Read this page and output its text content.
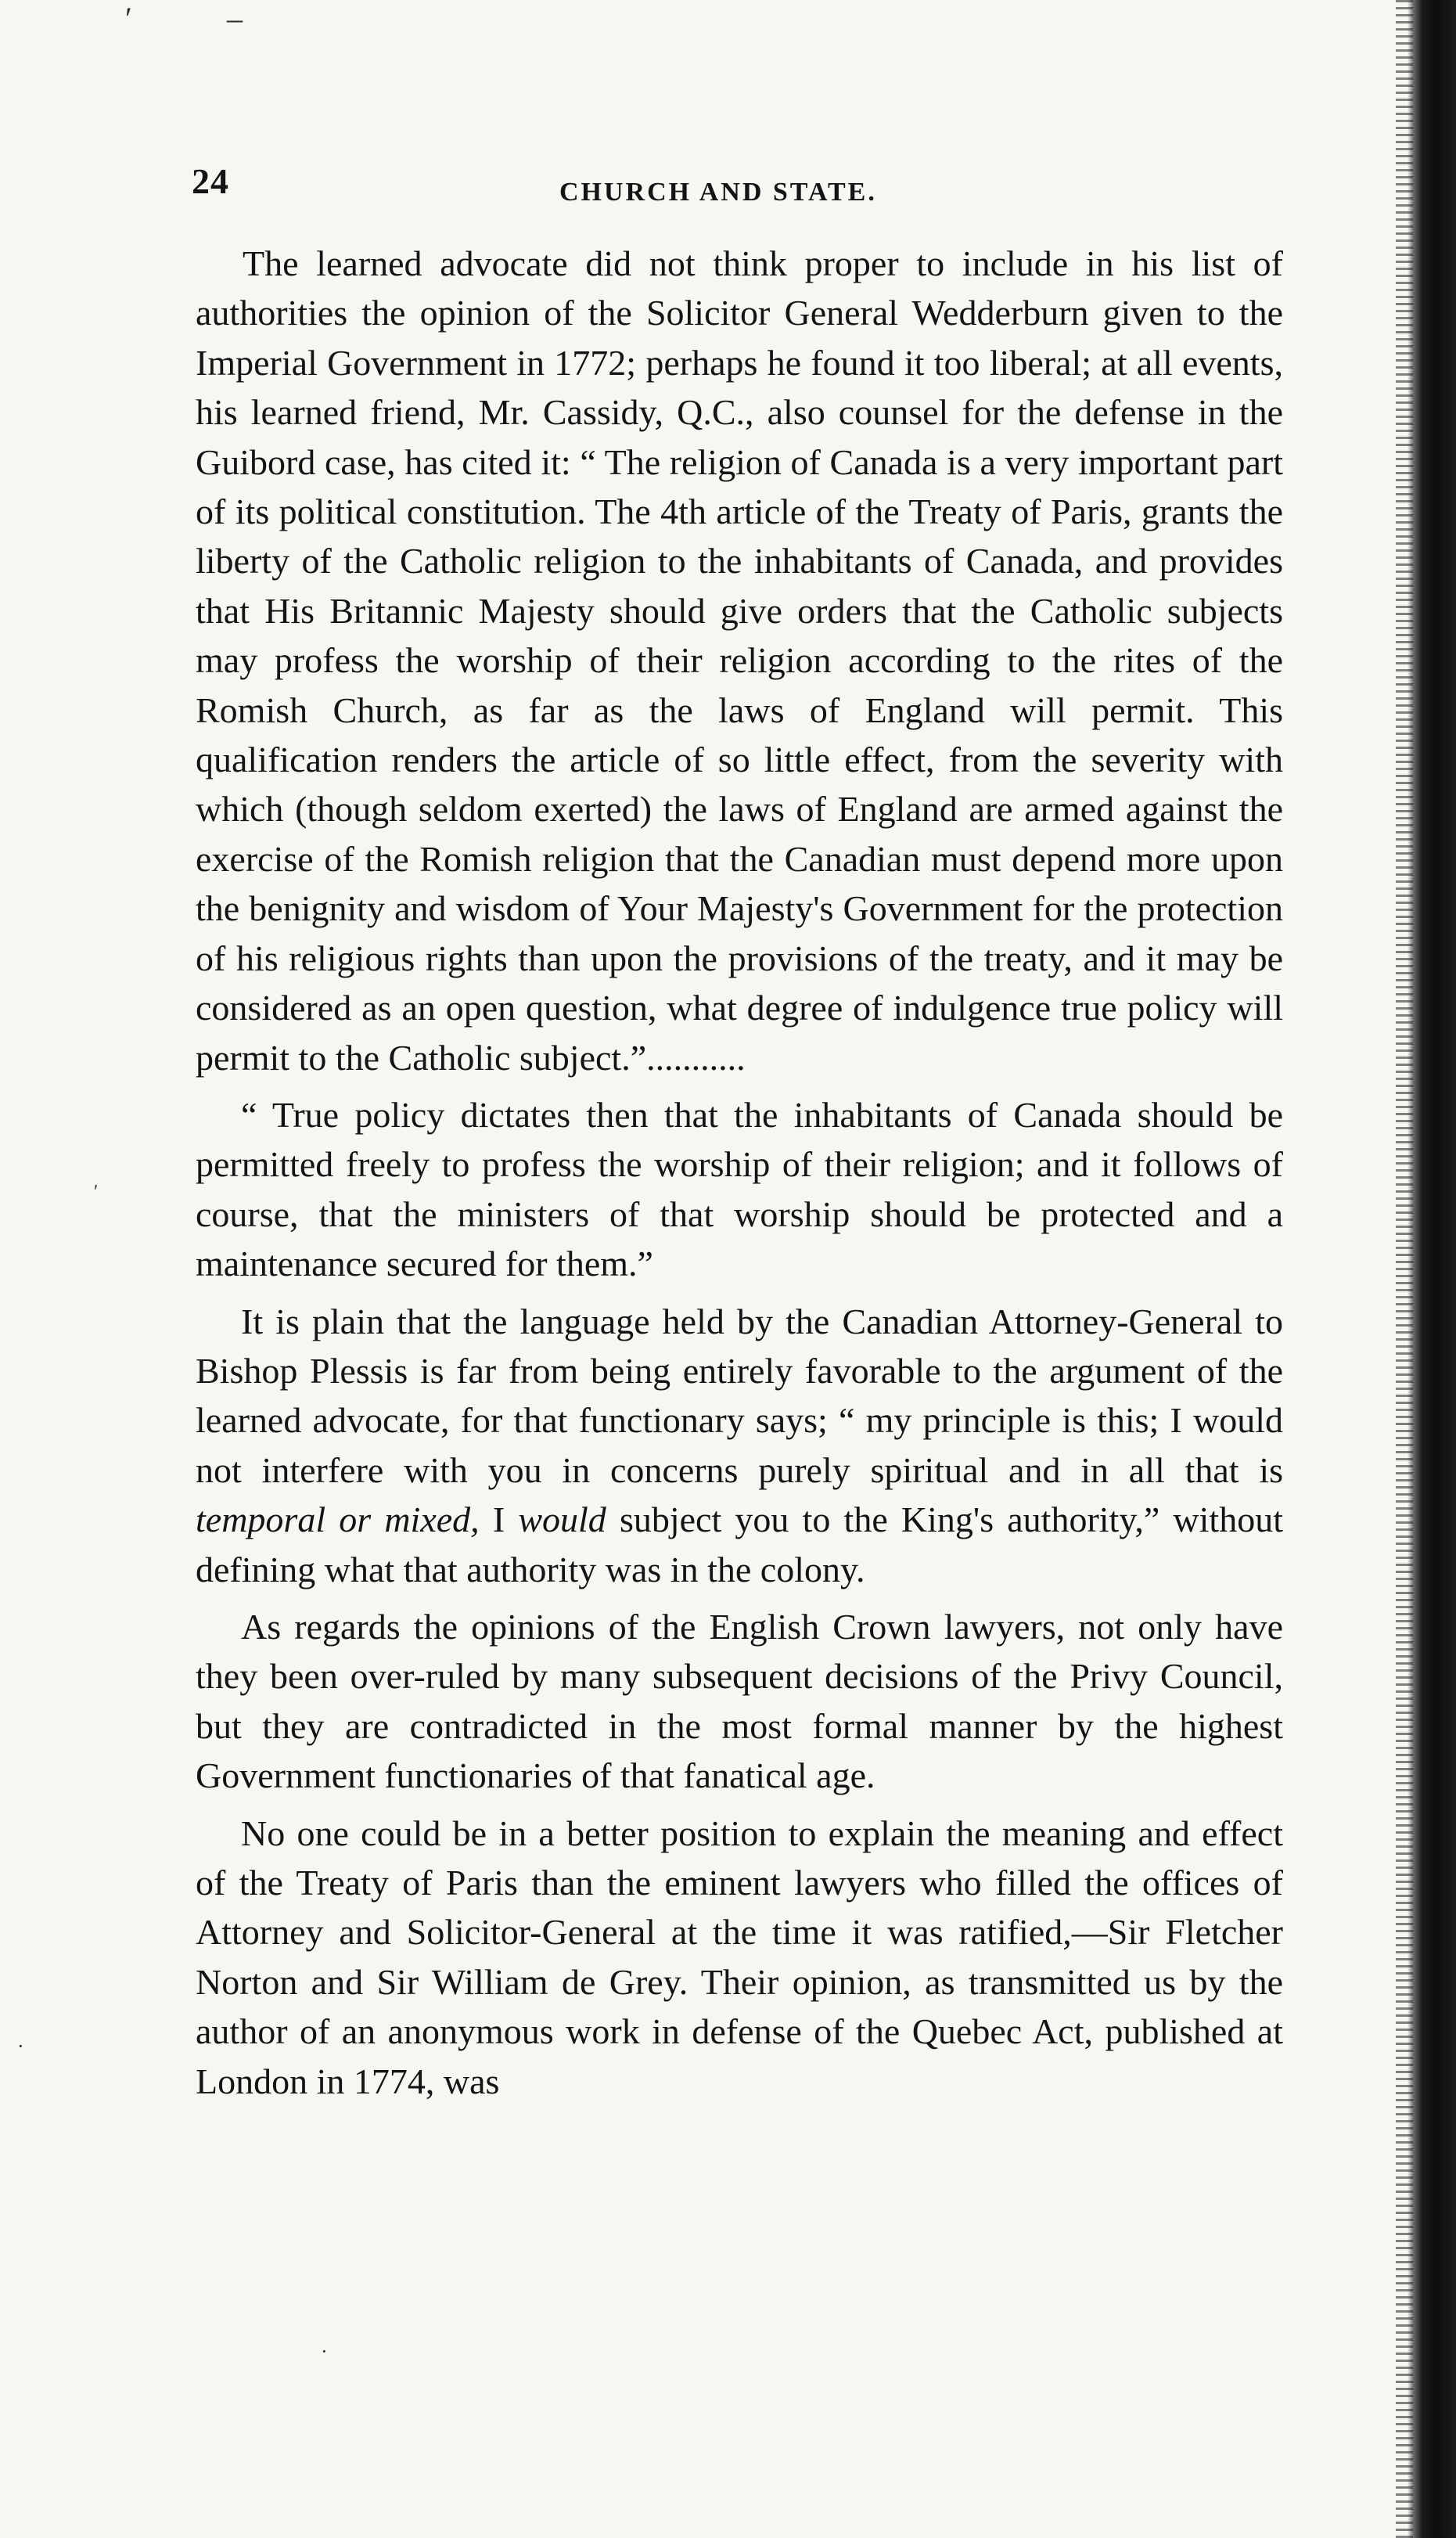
ʹ	–
ʹ
·
·
24	CHURCH AND STATE.

The learned advocate did not think proper to include in his list of authorities the opinion of the Solicitor General Wedderburn given to the Imperial Government in 1772; perhaps he found it too liberal; at all events, his learned friend, Mr. Cassidy, Q.C., also counsel for the defense in the Guibord case, has cited it: “ The religion of Canada is a very important part of its political constitution. The 4th article of the Treaty of Paris, grants the liberty of the Catholic religion to the inhabitants of Canada, and provides that His Britannic Majesty should give orders that the Catholic subjects may profess the worship of their religion according to the rites of the Romish Church, as far as the laws of England will permit. This qualification renders the article of so little effect, from the severity with which (though seldom exerted) the laws of England are armed against the exercise of the Romish religion that the Canadian must depend more upon the benignity and wisdom of Your Majesty's Government for the protection of his religious rights than upon the provisions of the treaty, and it may be considered as an open question, what degree of indulgence true policy will permit to the Catholic subject.”...........

“ True policy dictates then that the inhabitants of Canada should be permitted freely to profess the worship of their religion; and it follows of course, that the ministers of that worship should be protected and a maintenance secured for them.”

It is plain that the language held by the Canadian Attorney-General to Bishop Plessis is far from being entirely favorable to the argument of the learned advocate, for that functionary says; “ my principle is this; I would not interfere with you in concerns purely spiritual and in all that is temporal or mixed, I would subject you to the King's authority,” without defining what that authority was in the colony.

As regards the opinions of the English Crown lawyers, not only have they been over-ruled by many subsequent decisions of the Privy Council, but they are contradicted in the most formal manner by the highest Government functionaries of that fanatical age.

No one could be in a better position to explain the meaning and effect of the Treaty of Paris than the eminent lawyers who filled the offices of Attorney and Solicitor-General at the time it was ratified,—Sir Fletcher Norton and Sir William de Grey. Their opinion, as transmitted us by the author of an anonymous work in defense of the Quebec Act, published at London in 1774, was
